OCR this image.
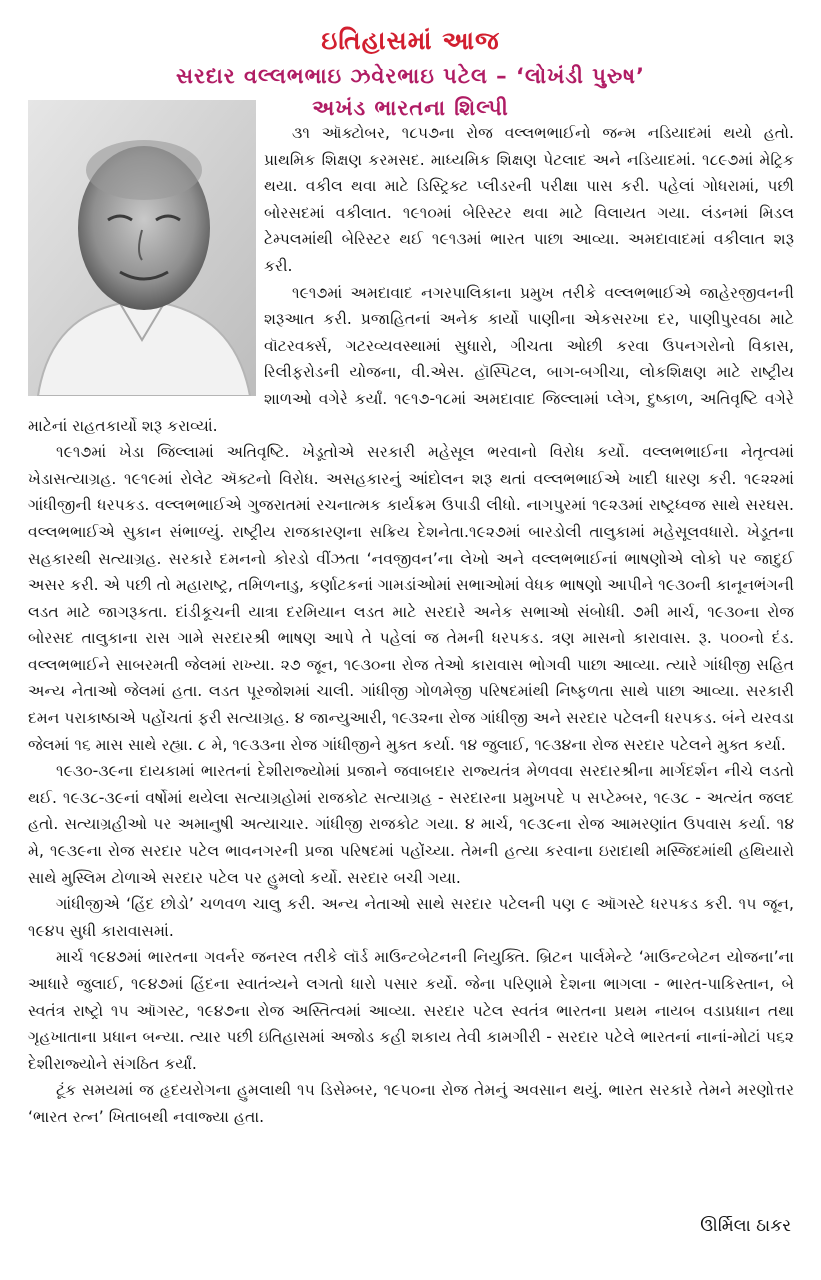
ઇતિહાસમાં આજ
સરદાર વલ્લભભાઇ ઝવેરભાઇ પટેલ – ‘લોખંડી પુરુષ’
અખંડ ભારતના શિલ્પી

૩૧ ઑક્ટોબર, ૧૮૫૭ના રોજ વલ્લભભાઈનો જન્મ નડિયાદમાં થયો હતો. પ્રાથમિક શિક્ષણ કરમસદ. માધ્યમિક શિક્ષણ પેટલાદ અને નડિયાદમાં. ૧૮૯૭માં મેટ્રિક થયા. વકીલ થવા માટે ડિસ્ટ્રિક્ટ પ્લીડરની પરીક્ષા પાસ કરી. પહેલાં ગોધરામાં, પછી બોરસદમાં વકીલાત. ૧૯૧૦માં બેરિસ્ટર થવા માટે વિલાયત ગયા. લંડનમાં મિડલ ટેમ્પલમાંથી બેરિસ્ટર થઈ ૧૯૧૩માં ભારત પાછા આવ્યા. અમદાવાદમાં વકીલાત શરૂ કરી.

૧૯૧૭માં અમદાવાદ નગરપાલિકાના પ્રમુખ તરીકે વલ્લભભાઈએ જાહેરજીવનની શરૂઆત કરી. પ્રજાહિતનાં અનેક કાર્યો પાણીના એકસરખા દર, પાણીપુરવઠા માટે વૉટરવર્ક્સ, ગટરવ્યવસ્થામાં સુધારો, ગીચતા ઓછી કરવા ઉપનગરોનો વિકાસ, રિલીફરોડની યોજના, વી.એસ. હૉસ્પિટલ, બાગ-બગીચા, લોકશિક્ષણ માટે રાષ્ટ્રીય શાળઓ વગેરે કર્યાં. ૧૯૧૭-૧૮માં અમદાવાદ જિલ્લામાં પ્લેગ, દુષ્કાળ, અતિવૃષ્ટિ વગેરે માટેનાં રાહતકાર્યો શરૂ કરાવ્યાં.

૧૯૧૭માં ખેડા જિલ્લામાં અતિવૃષ્ટિ. ખેડૂતોએ સરકારી મહેસૂલ ભરવાનો વિરોધ કર્યો. વલ્લભભાઈના નેતૃત્વમાં ખેડાસત્યાગ્રહ. ૧૯૧૯માં રોલેટ ઍક્ટનો વિરોધ. અસહકારનું આંદોલન શરૂ થતાં વલ્લભભાઈએ ખાદી ધારણ કરી. ૧૯૨૨માં ગાંધીજીની ધરપકડ. વલ્લભભાઈએ ગુજરાતમાં રચનાત્મક કાર્યક્રમ ઉપાડી લીધો. નાગપુરમાં ૧૯૨૩માં રાષ્ટ્રધ્વજ સાથે સરઘસ. વલ્લભભાઈએ સુકાન સંભાળ્યું. રાષ્ટ્રીય રાજકારણના સક્રિય દેશનેતા.૧૯૨૭માં બારડોલી તાલુકામાં મહેસૂલવધારો. ખેડૂતના સહકારથી સત્યાગ્રહ. સરકારે દમનનો કોરડો વીંઝતા ‘નવજીવન’ના લેખો અને વલ્લભભાઈનાં ભાષણોએ લોકો પર જાદુઈ અસર કરી. એ પછી તો મહારાષ્ટ્ર, તમિળનાડુ, કર્ણાટકનાં ગામડાંઓમાં સભાઓમાં વેધક ભાષણો આપીને ૧૯૩૦ની કાનૂનભંગની લડત માટે જાગરૂકતા. દાંડીકૂચની યાત્રા દરમિયાન લડત માટે સરદારે અનેક સભાઓ સંબોધી. ૭મી માર્ચ, ૧૯૩૦ના રોજ બોરસદ તાલુકાના રાસ ગામે સરદારશ્રી ભાષણ આપે તે પહેલાં જ તેમની ધરપકડ. ત્રણ માસનો કારાવાસ. રૂ. ૫૦૦નો દંડ. વલ્લભભાઈને સાબરમતી જેલમાં રાખ્યા. ૨૭ જૂન, ૧૯૩૦ના રોજ તેઓ કારાવાસ ભોગવી પાછા આવ્યા. ત્યારે ગાંધીજી સહિત અન્ય નેતાઓ જેલમાં હતા. લડત પૂરજોશમાં ચાલી. ગાંધીજી ગોળમેજી પરિષદમાંથી નિષ્ફળતા સાથે પાછા આવ્યા. સરકારી દમન પરાકાષ્ઠાએ પહોંચતાં ફરી સત્યાગ્રહ. ૪ જાન્યુઆરી, ૧૯૩૨ના રોજ ગાંધીજી અને સરદાર પટેલની ધરપકડ. બંને યરવડા જેલમાં ૧૬ માસ સાથે રહ્યા. ૮ મે, ૧૯૩૩ના રોજ ગાંધીજીને મુક્ત કર્યા. ૧૪ જુલાઈ, ૧૯૩૪ના રોજ સરદાર પટેલને મુક્ત કર્યા.

૧૯૩૦-૩૯ના દાયકામાં ભારતનાં દેશીરાજ્યોમાં પ્રજાને જવાબદાર રાજ્યતંત્ર મેળવવા સરદારશ્રીના માર્ગદર્શન નીચે લડતો થઈ. ૧૯૩૮-૩૯નાં વર્ષોમાં થયેલા સત્યાગ્રહોમાં રાજકોટ સત્યાગ્રહ - સરદારના પ્રમુખપદે ૫ સપ્ટેમ્બર, ૧૯૩૮ - અત્યંત જલદ હતો. સત્યાગ્રહીઓ પર અમાનુષી અત્યાચાર. ગાંધીજી રાજકોટ ગયા. ૪ માર્ચ, ૧૯૩૯ના રોજ આમરણાંત ઉપવાસ કર્યા. ૧૪ મે, ૧૯૩૯ના રોજ સરદાર પટેલ ભાવનગરની પ્રજા પરિષદમાં પહોંચ્યા. તેમની હત્યા કરવાના ઇરાદાથી મસ્જિદમાંથી હથિયારો સાથે મુસ્લિમ ટોળાએ સરદાર પટેલ પર હુમલો કર્યો. સરદાર બચી ગયા.

ગાંધીજીએ ‘હિંદ છોડો’ ચળવળ ચાલુ કરી. અન્ય નેતાઓ સાથે સરદાર પટેલની પણ ૯ ઑગસ્ટે ધરપકડ કરી. ૧૫ જૂન, ૧૯૪૫ સુધી કારાવાસમાં.

માર્ચ ૧૯૪૭માં ભારતના ગવર્નર જનરલ તરીકે લૉર્ડ માઉન્ટબેટનની નિયુક્તિ. બ્રિટન પાર્લમેન્ટે ‘માઉન્ટબેટન યોજના’ના આધારે જુલાઈ, ૧૯૪૭માં હિંદના સ્વાતંત્ર્યને લગતો ધારો પસાર કર્યો. જેના પરિણામે દેશના ભાગલા - ભારત-પાકિસ્તાન, બે સ્વતંત્ર રાષ્ટ્રો ૧૫ ઑગસ્ટ, ૧૯૪૭ના રોજ અસ્તિત્વમાં આવ્યા. સરદાર પટેલ સ્વતંત્ર ભારતના પ્રથમ નાયબ વડાપ્રધાન તથા ગૃહખાતાના પ્રધાન બન્યા. ત્યાર પછી ઇતિહાસમાં અજોડ કહી શકાય તેવી કામગીરી - સરદાર પટેલે ભારતનાં નાનાં-મોટાં ૫૬૨ દેશીરાજ્યોને સંગઠિત કર્યાં.

ટૂંક સમયમાં જ હૃદયરોગના હુમલાથી ૧૫ ડિસેમ્બર, ૧૯૫૦ના રોજ તેમનું અવસાન થયું. ભારત સરકારે તેમને મરણોત્તર ‘ભારત રત્ન’ ખિતાબથી નવાજ્યા હતા.

ઊર્મિલા ઠાકર
